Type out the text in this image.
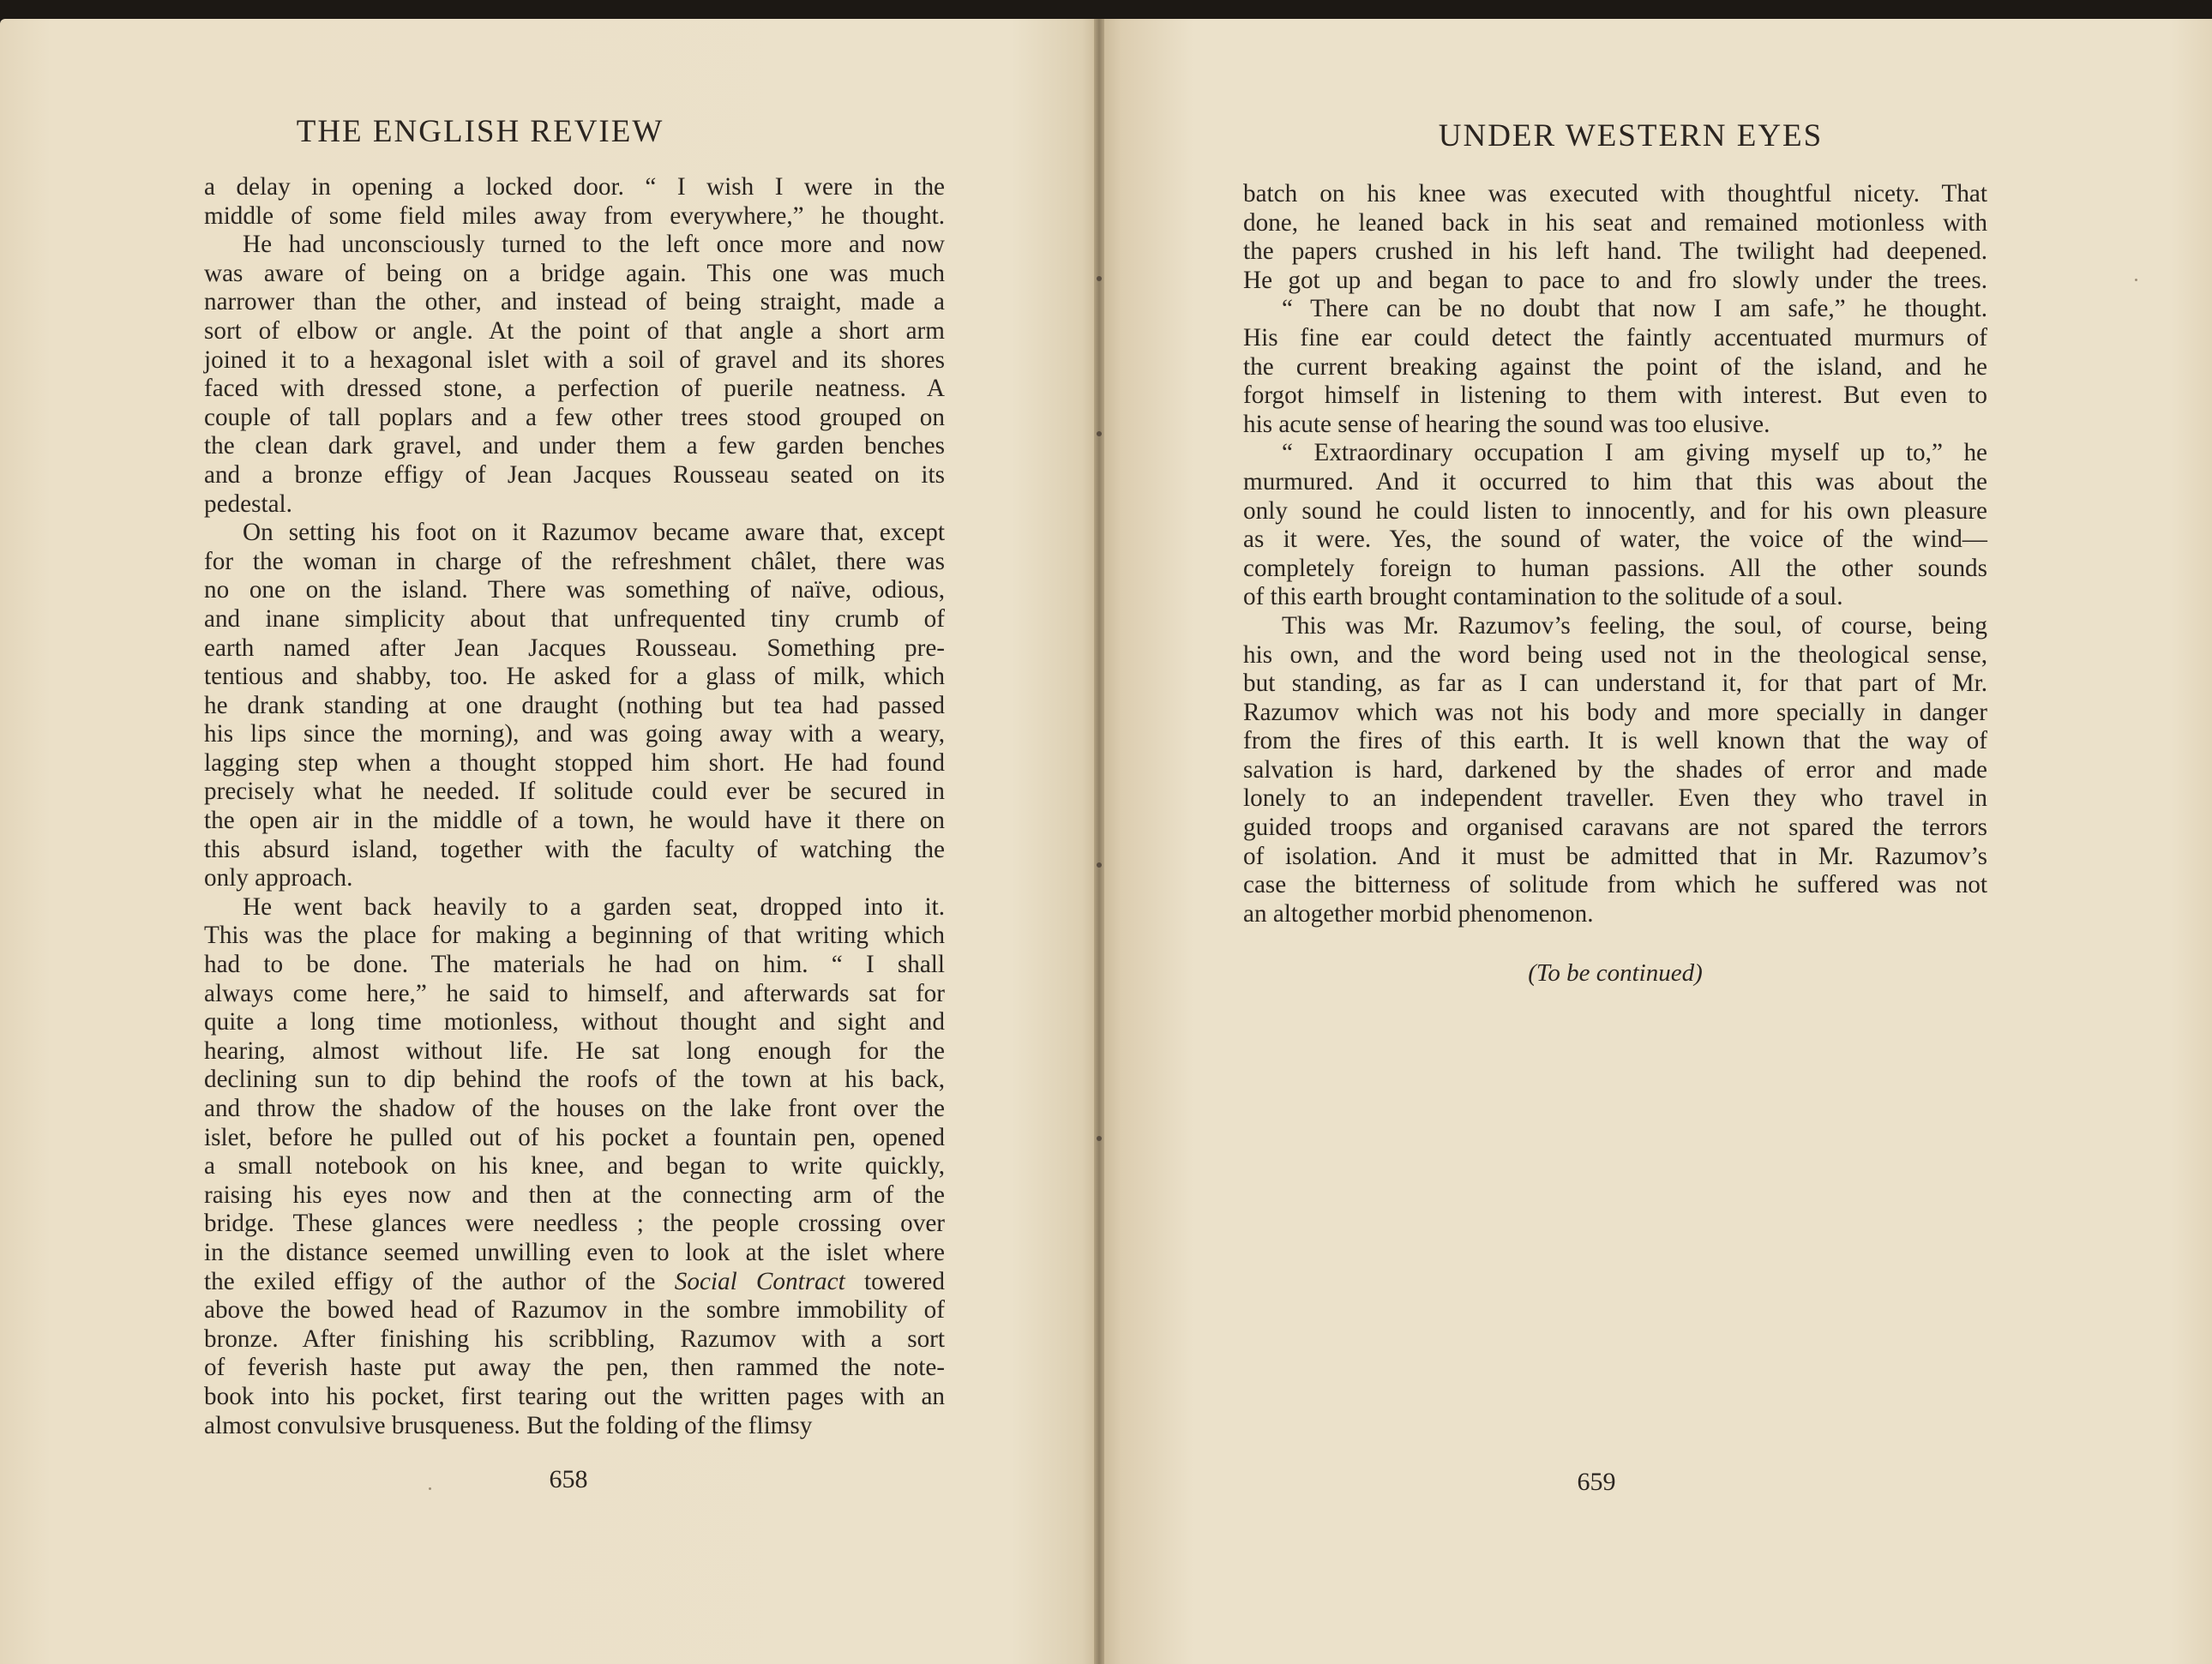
THE ENGLISH REVIEW
a delay in opening a locked door. “ I wish I were in the
middle of some field miles away from everywhere,” he thought.
He had unconsciously turned to the left once more and now
was aware of being on a bridge again. This one was much
narrower than the other, and instead of being straight, made a
sort of elbow or angle. At the point of that angle a short arm
joined it to a hexagonal islet with a soil of gravel and its shores
faced with dressed stone, a perfection of puerile neatness. A
couple of tall poplars and a few other trees stood grouped on
the clean dark gravel, and under them a few garden benches
and a bronze effigy of Jean Jacques Rousseau seated on its
pedestal.
On setting his foot on it Razumov became aware that, except
for the woman in charge of the refreshment châlet, there was
no one on the island. There was something of naïve, odious,
and inane simplicity about that unfrequented tiny crumb of
earth named after Jean Jacques Rousseau. Something pre-
tentious and shabby, too. He asked for a glass of milk, which
he drank standing at one draught (nothing but tea had passed
his lips since the morning), and was going away with a weary,
lagging step when a thought stopped him short. He had found
precisely what he needed. If solitude could ever be secured in
the open air in the middle of a town, he would have it there on
this absurd island, together with the faculty of watching the
only approach.
He went back heavily to a garden seat, dropped into it.
This was the place for making a beginning of that writing which
had to be done. The materials he had on him. “ I shall
always come here,” he said to himself, and afterwards sat for
quite a long time motionless, without thought and sight and
hearing, almost without life. He sat long enough for the
declining sun to dip behind the roofs of the town at his back,
and throw the shadow of the houses on the lake front over the
islet, before he pulled out of his pocket a fountain pen, opened
a small notebook on his knee, and began to write quickly,
raising his eyes now and then at the connecting arm of the
bridge. These glances were needless ; the people crossing over
in the distance seemed unwilling even to look at the islet where
the exiled effigy of the author of the Social Contract towered
above the bowed head of Razumov in the sombre immobility of
bronze. After finishing his scribbling, Razumov with a sort
of feverish haste put away the pen, then rammed the note-
book into his pocket, first tearing out the written pages with an
almost convulsive brusqueness. But the folding of the flimsy
658
UNDER WESTERN EYES
batch on his knee was executed with thoughtful nicety. That
done, he leaned back in his seat and remained motionless with
the papers crushed in his left hand. The twilight had deepened.
He got up and began to pace to and fro slowly under the trees.
“ There can be no doubt that now I am safe,” he thought.
His fine ear could detect the faintly accentuated murmurs of
the current breaking against the point of the island, and he
forgot himself in listening to them with interest. But even to
his acute sense of hearing the sound was too elusive.
“ Extraordinary occupation I am giving myself up to,” he
murmured. And it occurred to him that this was about the
only sound he could listen to innocently, and for his own pleasure
as it were. Yes, the sound of water, the voice of the wind—
completely foreign to human passions. All the other sounds
of this earth brought contamination to the solitude of a soul.
This was Mr. Razumov’s feeling, the soul, of course, being
his own, and the word being used not in the theological sense,
but standing, as far as I can understand it, for that part of Mr.
Razumov which was not his body and more specially in danger
from the fires of this earth. It is well known that the way of
salvation is hard, darkened by the shades of error and made
lonely to an independent traveller. Even they who travel in
guided troops and organised caravans are not spared the terrors
of isolation. And it must be admitted that in Mr. Razumov’s
case the bitterness of solitude from which he suffered was not
an altogether morbid phenomenon.
(To be continued)
659
